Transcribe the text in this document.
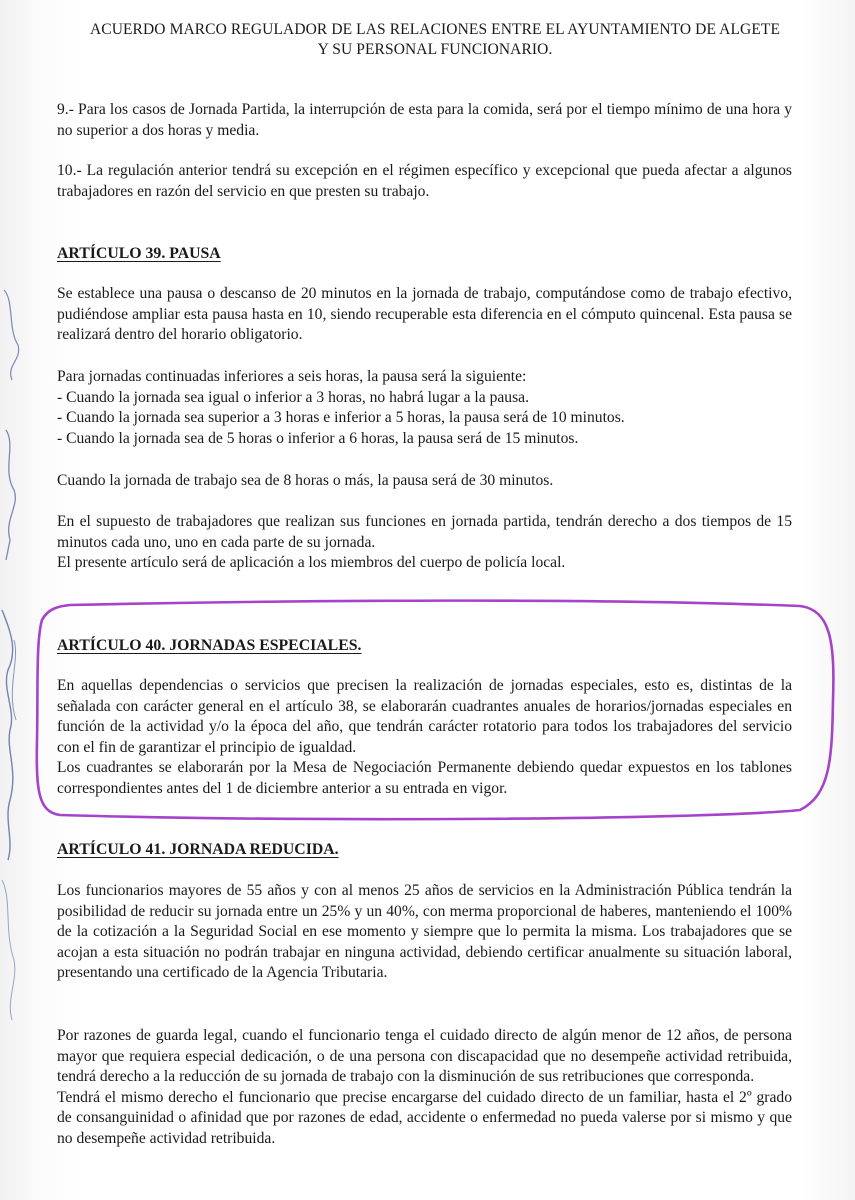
ACUERDO MARCO REGULADOR DE LAS RELACIONES ENTRE EL AYUNTAMIENTO DE ALGETE
Y SU PERSONAL FUNCIONARIO.

9.- Para los casos de Jornada Partida, la interrupción de esta para la comida, será por el tiempo mínimo de una hora y no superior a dos horas y media.

10.- La regulación anterior tendrá su excepción en el régimen específico y excepcional que pueda afectar a algunos trabajadores en razón del servicio en que presten su trabajo.

ARTÍCULO 39. PAUSA

Se establece una pausa o descanso de 20 minutos en la jornada de trabajo, computándose como de trabajo efectivo, pudiéndose ampliar esta pausa hasta en 10, siendo recuperable esta diferencia en el cómputo quincenal. Esta pausa se realizará dentro del horario obligatorio.

Para jornadas continuadas inferiores a seis horas, la pausa será la siguiente:

- Cuando la jornada sea igual o inferior a 3 horas, no habrá lugar a la pausa.

- Cuando la jornada sea superior a 3 horas e inferior a 5 horas, la pausa será de 10 minutos.

- Cuando la jornada sea de 5 horas o inferior a 6 horas, la pausa será de 15 minutos.

Cuando la jornada de trabajo sea de 8 horas o más, la pausa será de 30 minutos.

En el supuesto de trabajadores que realizan sus funciones en jornada partida, tendrán derecho a dos tiempos de 15 minutos cada uno, uno en cada parte de su jornada.

El presente artículo será de aplicación a los miembros del cuerpo de policía local.

ARTÍCULO 40. JORNADAS ESPECIALES.

En aquellas dependencias o servicios que precisen la realización de jornadas especiales, esto es, distintas de la señalada con carácter general en el artículo 38, se elaborarán cuadrantes anuales de horarios/jornadas especiales en función de la actividad y/o la época del año, que tendrán carácter rotatorio para todos los trabajadores del servicio con el fin de garantizar el principio de igualdad.

Los cuadrantes se elaborarán por la Mesa de Negociación Permanente debiendo quedar expuestos en los tablones correspondientes antes del 1 de diciembre anterior a su entrada en vigor.

ARTÍCULO 41. JORNADA REDUCIDA.

Los funcionarios mayores de 55 años y con al menos 25 años de servicios en la Administración Pública tendrán la posibilidad de reducir su jornada entre un 25% y un 40%, con merma proporcional de haberes, manteniendo el 100% de la cotización a la Seguridad Social en ese momento y siempre que lo permita la misma. Los trabajadores que se acojan a esta situación no podrán trabajar en ninguna actividad, debiendo certificar anualmente su situación laboral, presentando una certificado de la Agencia Tributaria.

Por razones de guarda legal, cuando el funcionario tenga el cuidado directo de algún menor de 12 años, de persona mayor que requiera especial dedicación, o de una persona con discapacidad que no desempeñe actividad retribuida, tendrá derecho a la reducción de su jornada de trabajo con la disminución de sus retribuciones que corresponda.

Tendrá el mismo derecho el funcionario que precise encargarse del cuidado directo de un familiar, hasta el 2º grado de consanguinidad o afinidad que por razones de edad, accidente o enfermedad no pueda valerse por si mismo y que no desempeñe actividad retribuida.
